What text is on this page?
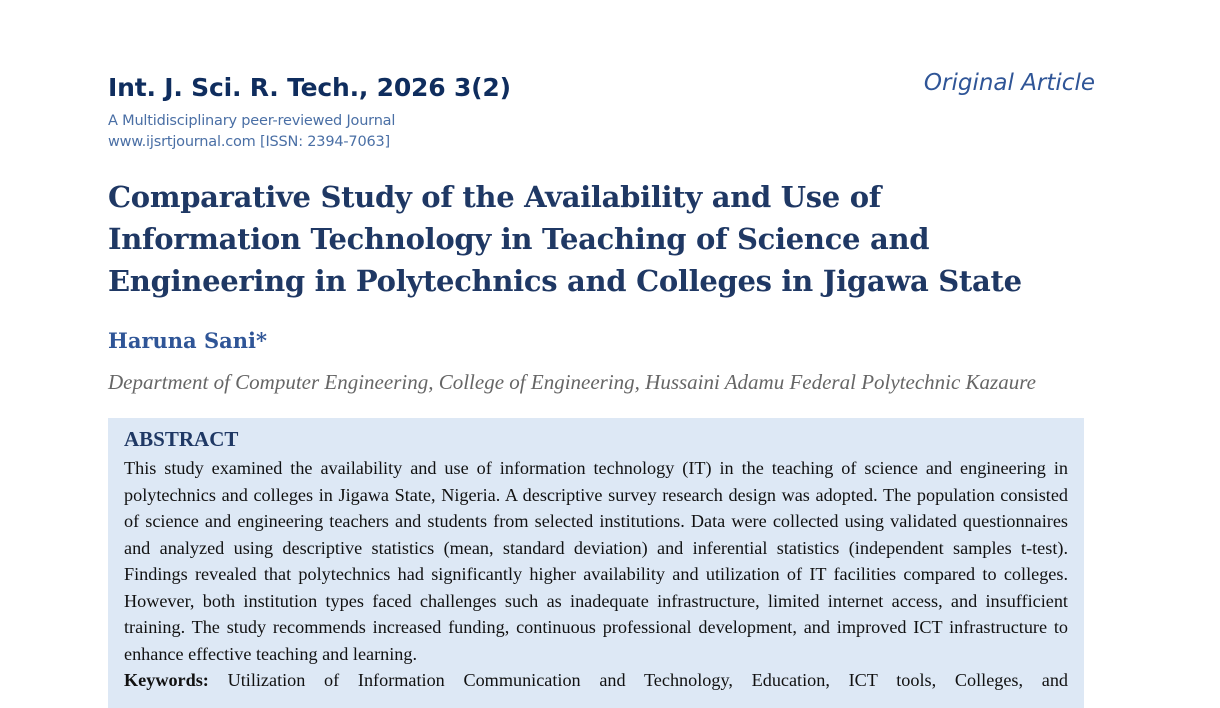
Int. J. Sci. R. Tech., 2026 3(2)
A Multidisciplinary peer-reviewed Journal
www.ijsrtjournal.com [ISSN: 2394-7063]
Original Article
Comparative Study of the Availability and Use of
Information Technology in Teaching of Science and
Engineering in Polytechnics and Colleges in Jigawa State
Haruna Sani*
Department of Computer Engineering, College of Engineering, Hussaini Adamu Federal Polytechnic Kazaure
ABSTRACT

This study examined the availability and use of information technology (IT) in the teaching of science and engineering in polytechnics and colleges in Jigawa State, Nigeria. A descriptive survey research design was adopted. The population consisted of science and engineering teachers and students from selected institutions. Data were collected using validated questionnaires and analyzed using descriptive statistics (mean, standard deviation) and inferential statistics (independent samples t-test). Findings revealed that polytechnics had significantly higher availability and utilization of IT facilities compared to colleges. However, both institution types faced challenges such as inadequate infrastructure, limited internet access, and insufficient training. The study recommends increased funding, continuous professional development, and improved ICT infrastructure to enhance effective teaching and learning.

Keywords: Utilization of Information Communication and Technology, Education, ICT tools, Colleges, and
